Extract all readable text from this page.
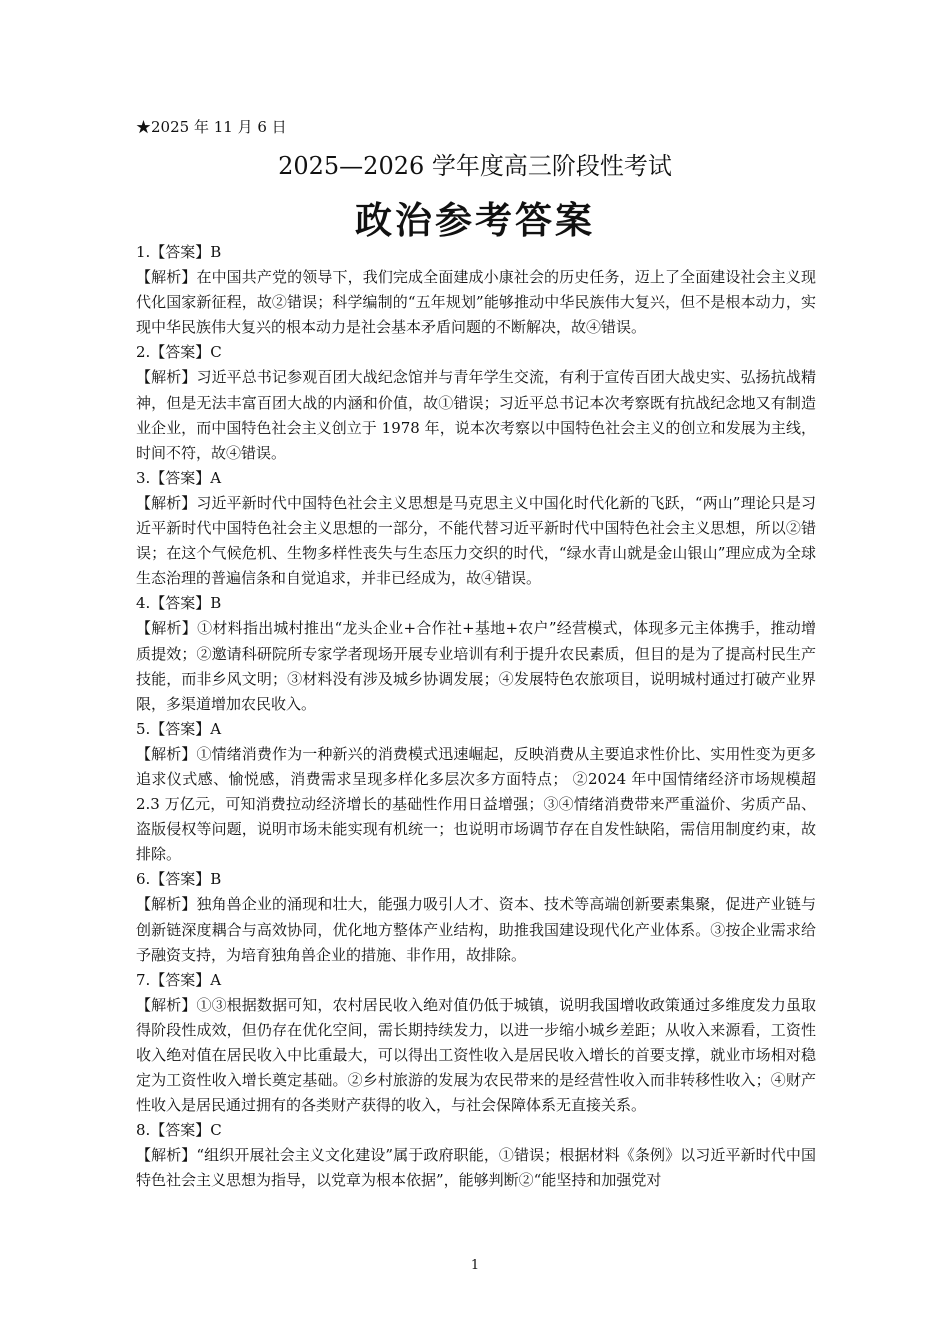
★2025 年 11 月 6 日
2025—2026 学年度高三阶段性考试
政治参考答案

1.【答案】B

【解析】在中国共产党的领导下，我们完成全面建成小康社会的历史任务，迈上了全面建设社会主义现代化国家新征程，故②错误；科学编制的“五年规划”能够推动中华民族伟大复兴，但不是根本动力，实现中华民族伟大复兴的根本动力是社会基本矛盾问题的不断解决，故④错误。

2.【答案】C

【解析】习近平总书记参观百团大战纪念馆并与青年学生交流，有利于宣传百团大战史实、弘扬抗战精神，但是无法丰富百团大战的内涵和价值，故①错误；习近平总书记本次考察既有抗战纪念地又有制造业企业，而中国特色社会主义创立于 1978 年，说本次考察以中国特色社会主义的创立和发展为主线，时间不符，故④错误。

3.【答案】A

【解析】习近平新时代中国特色社会主义思想是马克思主义中国化时代化新的飞跃，“两山”理论只是习近平新时代中国特色社会主义思想的一部分，不能代替习近平新时代中国特色社会主义思想，所以②错误；在这个气候危机、生物多样性丧失与生态压力交织的时代，“绿水青山就是金山银山”理应成为全球生态治理的普遍信条和自觉追求，并非已经成为，故④错误。

4.【答案】B

【解析】①材料指出城村推出“龙头企业+合作社+基地+农户”经营模式，体现多元主体携手，推动增质提效；②邀请科研院所专家学者现场开展专业培训有利于提升农民素质，但目的是为了提高村民生产技能，而非乡风文明；③材料没有涉及城乡协调发展；④发展特色农旅项目，说明城村通过打破产业界限，多渠道增加农民收入。

5.【答案】A

【解析】①情绪消费作为一种新兴的消费模式迅速崛起，反映消费从主要追求性价比、实用性变为更多追求仪式感、愉悦感，消费需求呈现多样化多层次多方面特点； ②2024 年中国情绪经济市场规模超 2.3 万亿元，可知消费拉动经济增长的基础性作用日益增强；③④情绪消费带来严重溢价、劣质产品、盗版侵权等问题，说明市场未能实现有机统一；也说明市场调节存在自发性缺陷，需信用制度约束，故排除。

6.【答案】B

【解析】独角兽企业的涌现和壮大，能强力吸引人才、资本、技术等高端创新要素集聚，促进产业链与创新链深度耦合与高效协同，优化地方整体产业结构，助推我国建设现代化产业体系。③按企业需求给予融资支持，为培育独角兽企业的措施、非作用，故排除。

7.【答案】A

【解析】①③根据数据可知，农村居民收入绝对值仍低于城镇，说明我国增收政策通过多维度发力虽取得阶段性成效，但仍存在优化空间，需长期持续发力，以进一步缩小城乡差距；从收入来源看，工资性收入绝对值在居民收入中比重最大，可以得出工资性收入是居民收入增长的首要支撑，就业市场相对稳定为工资性收入增长奠定基础。②乡村旅游的发展为农民带来的是经营性收入而非转移性收入；④财产性收入是居民通过拥有的各类财产获得的收入，与社会保障体系无直接关系。

8.【答案】C

【解析】“组织开展社会主义文化建设”属于政府职能，①错误；根据材料《条例》以习近平新时代中国特色社会主义思想为指导，以党章为根本依据”，能够判断②“能坚持和加强党对

1
